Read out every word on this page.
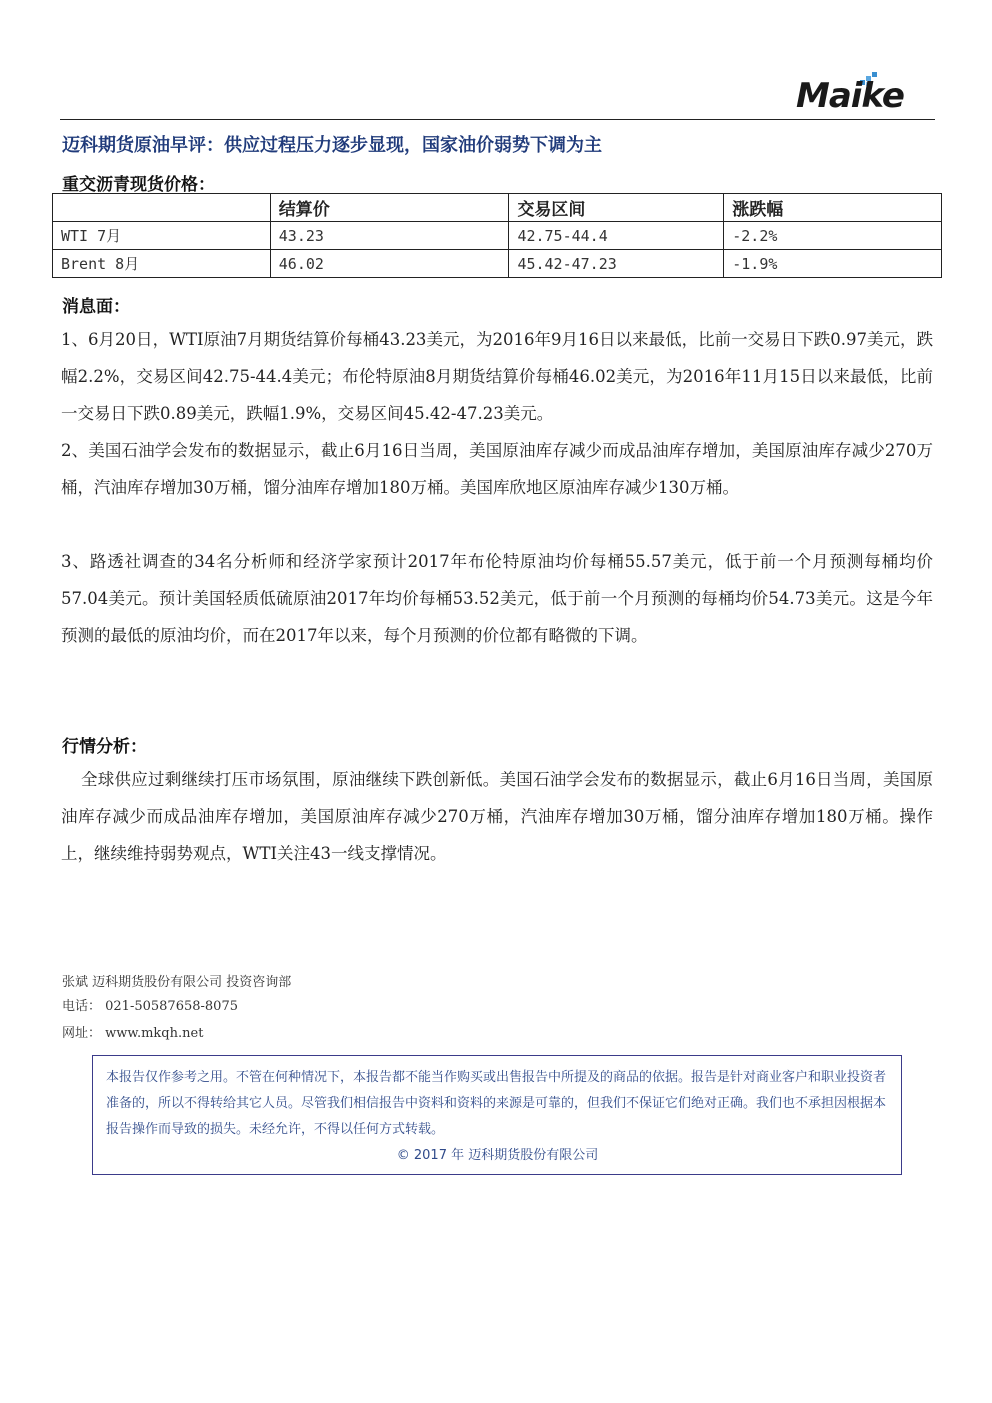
Maike
迈科期货原油早评：供应过程压力逐步显现，国家油价弱势下调为主
重交沥青现货价格：
	结算价	交易区间	涨跌幅
WTI 7月	43.23	42.75-44.4	-2.2%
Brent 8月	46.02	45.42-47.23	-1.9%
消息面：

1、6月20日，WTI原油7月期货结算价每桶43.23美元，为2016年9月16日以来最低，比前一交易日下跌0.97美元，跌幅2.2%，交易区间42.75-44.4美元；布伦特原油8月期货结算价每桶46.02美元，为2016年11月15日以来最低，比前一交易日下跌0.89美元，跌幅1.9%，交易区间45.42-47.23美元。

2、美国石油学会发布的数据显示，截止6月16日当周，美国原油库存减少而成品油库存增加，美国原油库存减少270万桶，汽油库存增加30万桶，馏分油库存增加180万桶。美国库欣地区原油库存减少130万桶。

3、路透社调查的34名分析师和经济学家预计2017年布伦特原油均价每桶55.57美元，低于前一个月预测每桶均价57.04美元。预计美国轻质低硫原油2017年均价每桶53.52美元，低于前一个月预测的每桶均价54.73美元。这是今年预测的最低的原油均价，而在2017年以来，每个月预测的价位都有略微的下调。

行情分析：

全球供应过剩继续打压市场氛围，原油继续下跌创新低。美国石油学会发布的数据显示，截止6月16日当周，美国原油库存减少而成品油库存增加，美国原油库存减少270万桶，汽油库存增加30万桶，馏分油库存增加180万桶。操作上，继续维持弱势观点，WTI关注43一线支撑情况。

张斌 迈科期货股份有限公司 投资咨询部
电话： 021-50587658-8075
网址： www.mkqh.net

本报告仅作参考之用。不管在何种情况下，本报告都不能当作购买或出售报告中所提及的商品的依据。报告是针对商业客户和职业投资者准备的，所以不得转给其它人员。尽管我们相信报告中资料和资料的来源是可靠的，但我们不保证它们绝对正确。我们也不承担因根据本报告操作而导致的损失。未经允许，不得以任何方式转载。

© 2017 年 迈科期货股份有限公司
